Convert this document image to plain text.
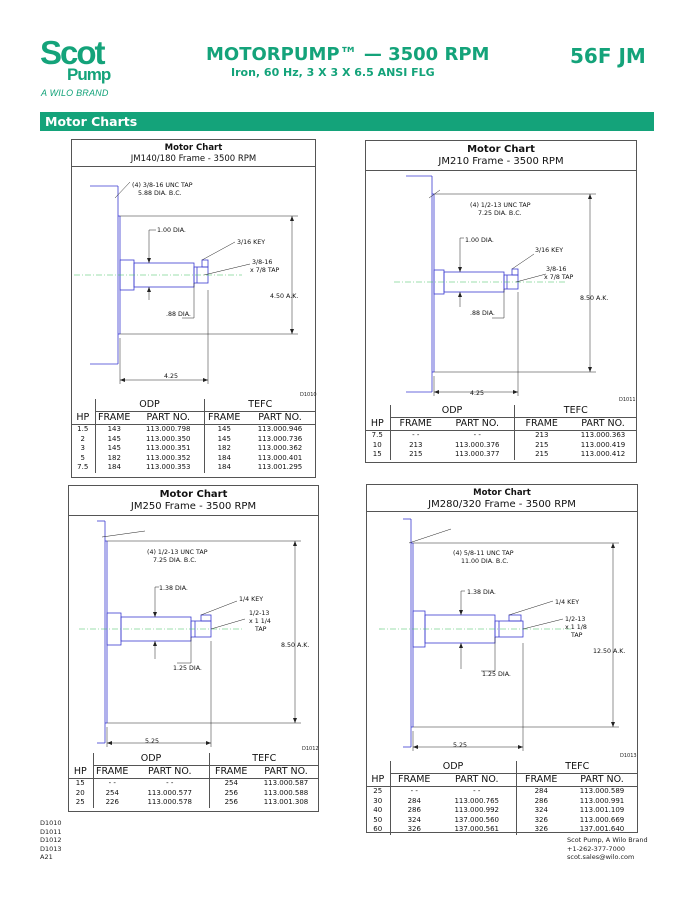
Scot
Pump
A WILO BRAND
MOTORPUMP™ — 3500 RPM
Iron, 60 Hz, 3 X 3 X 6.5 ANSI FLG
56F JM
Motor Charts
Motor Chart
JM140/180 Frame - 3500 RPM
(4) 3/8-16 UNC TAP
5.88 DIA. B.C.
1.00 DIA.
3/16 KEY
3/8-16
x 7/8 TAP
4.50 A.K.
.88 DIA.
4.25
D1010
	ODP		TEFC	
HP	FRAME	PART NO.	FRAME	PART NO.
1.5	143	113.000.798	145	113.000.946
2	145	113.000.350	145	113.000.736
3	145	113.000.351	182	113.000.362
5	182	113.000.352	184	113.000.401
7.5	184	113.000.353	184	113.001.295
Motor Chart
JM210 Frame - 3500 RPM
(4) 1/2-13 UNC TAP
7.25 DIA. B.C.
1.00 DIA.
3/16 KEY
3/8-16
x 7/8 TAP
8.50 A.K.
.88 DIA.
4.25
D1011
	ODP		TEFC	
HP	FRAME	PART NO.	FRAME	PART NO.
7.5	- -	- -	213	113.000.363
10	213	113.000.376	215	113.000.419
15	215	113.000.377	215	113.000.412
Motor Chart
JM250 Frame - 3500 RPM
(4) 1/2-13 UNC TAP
7.25 DIA. B.C.
1.38 DIA.
1/4 KEY
1/2-13
x 1 1/4
TAP
8.50 A.K.
1.25 DIA.
5.25
D1012
	ODP		TEFC	
HP	FRAME	PART NO.	FRAME	PART NO.
15	- -	- -	254	113.000.587
20	254	113.000.577	256	113.000.588
25	226	113.000.578	256	113.001.308
Motor Chart
JM280/320 Frame - 3500 RPM
(4) 5/8-11 UNC TAP
11.00 DIA. B.C.
1.38 DIA.
1/4 KEY
1/2-13
x 1 1/8
TAP
12.50 A.K.
1.25 DIA.
5.25
D1013
	ODP		TEFC	
HP	FRAME	PART NO.	FRAME	PART NO.
25	- -	- -	284	113.000.589
30	284	113.000.765	286	113.000.991
40	286	113.000.992	324	113.001.109
50	324	137.000.560	326	113.000.669
60	326	137.000.561	326	137.001.640
D1010
D1011
D1012
D1013
A21
Scot Pump, A Wilo Brand
+1-262-377-7000
scot.sales@wilo.com
